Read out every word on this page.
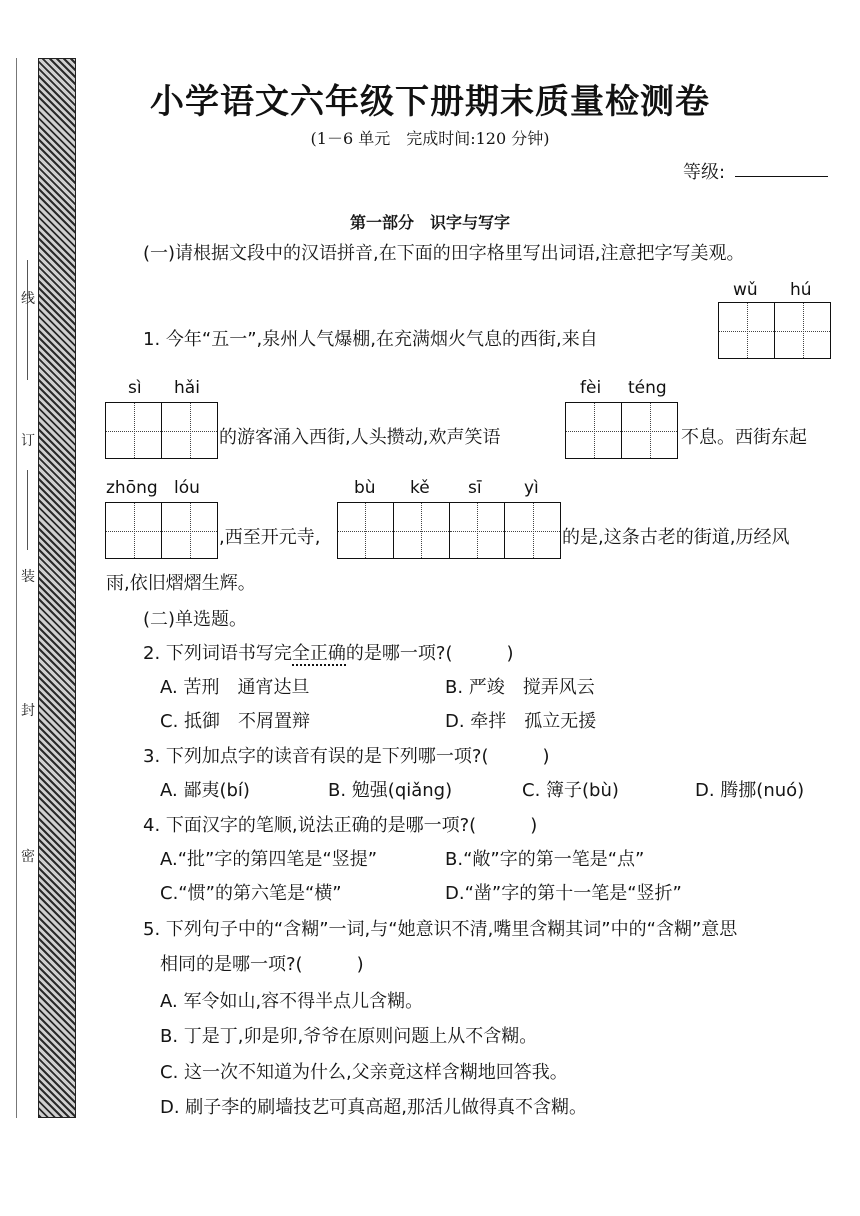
线
订
装
封
密
小学语文六年级下册期末质量检测卷
(1－6 单元　完成时间:120 分钟)
等级:
第一部分　识字与写字
(一)请根据文段中的汉语拼音,在下面的田字格里写出词语,注意把字写美观。
wǔ hú
1. 今年“五一”,泉州人气爆棚,在充满烟火气息的西街,来自
sì hǎi
的游客涌入西街,人头攒动,欢声笑语
fèi téng
不息。西街东起
zhōng lóu
,西至开元寺,
bù kě sī yì
的是,这条古老的街道,历经风
雨,依旧熠熠生辉。
(二)单选题。
2. 下列词语书写完全正确的是哪一项?(　　　)
A. 苦刑　通宵达旦	B. 严竣　搅弄风云
C. 抵御　不屑置辩	D. 牵拌　孤立无援
3. 下列加点字的读音有误的是下列哪一项?(　　　)
A. 鄙夷(bí)	B. 勉强(qiǎng)	C. 簿子(bù)	D. 腾挪(nuó)
4. 下面汉字的笔顺,说法正确的是哪一项?(　　　)
A.“批”字的第四笔是“竖提”	B.“敞”字的第一笔是“点”
C.“惯”的第六笔是“横”	D.“凿”字的第十一笔是“竖折”
5. 下列句子中的“含糊”一词,与“她意识不清,嘴里含糊其词”中的“含糊”意思
相同的是哪一项?(　　　)
A. 军令如山,容不得半点儿含糊。
B. 丁是丁,卯是卯,爷爷在原则问题上从不含糊。
C. 这一次不知道为什么,父亲竟这样含糊地回答我。
D. 刷子李的刷墙技艺可真高超,那活儿做得真不含糊。
